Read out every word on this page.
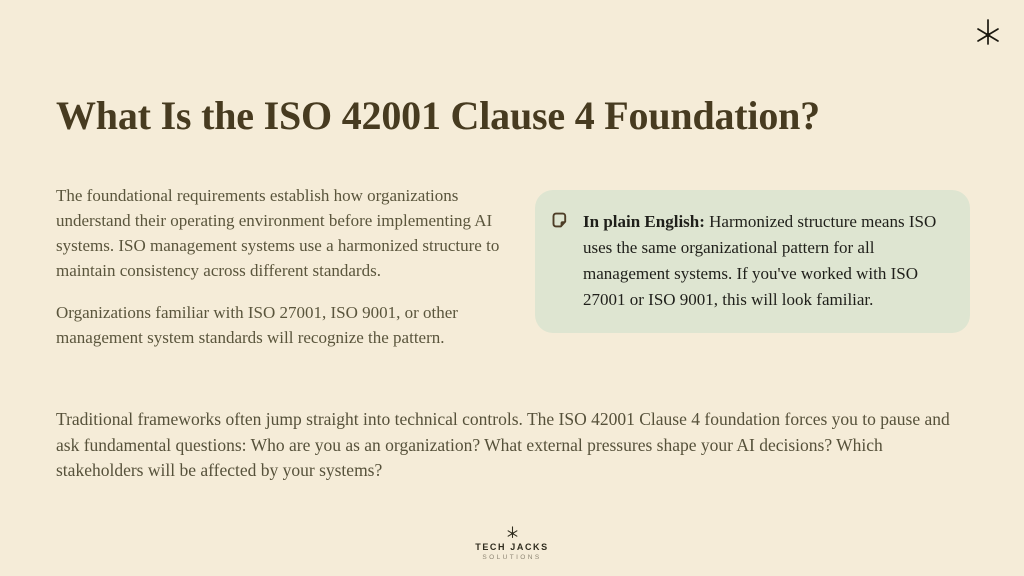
What Is the ISO 42001 Clause 4 Foundation?

The foundational requirements establish how organizations understand their operating environment before implementing AI systems. ISO management systems use a harmonized structure to maintain consistency across different standards.

Organizations familiar with ISO 27001, ISO 9001, or other management system standards will recognize the pattern.

In plain English: Harmonized structure means ISO uses the same organizational pattern for all management systems. If you've worked with ISO 27001 or ISO 9001, this will look familiar.

Traditional frameworks often jump straight into technical controls. The ISO 42001 Clause 4 foundation forces you to pause and ask fundamental questions: Who are you as an organization? What external pressures shape your AI decisions? Which stakeholders will be affected by your systems?

TECH JACKS
SOLUTIONS
